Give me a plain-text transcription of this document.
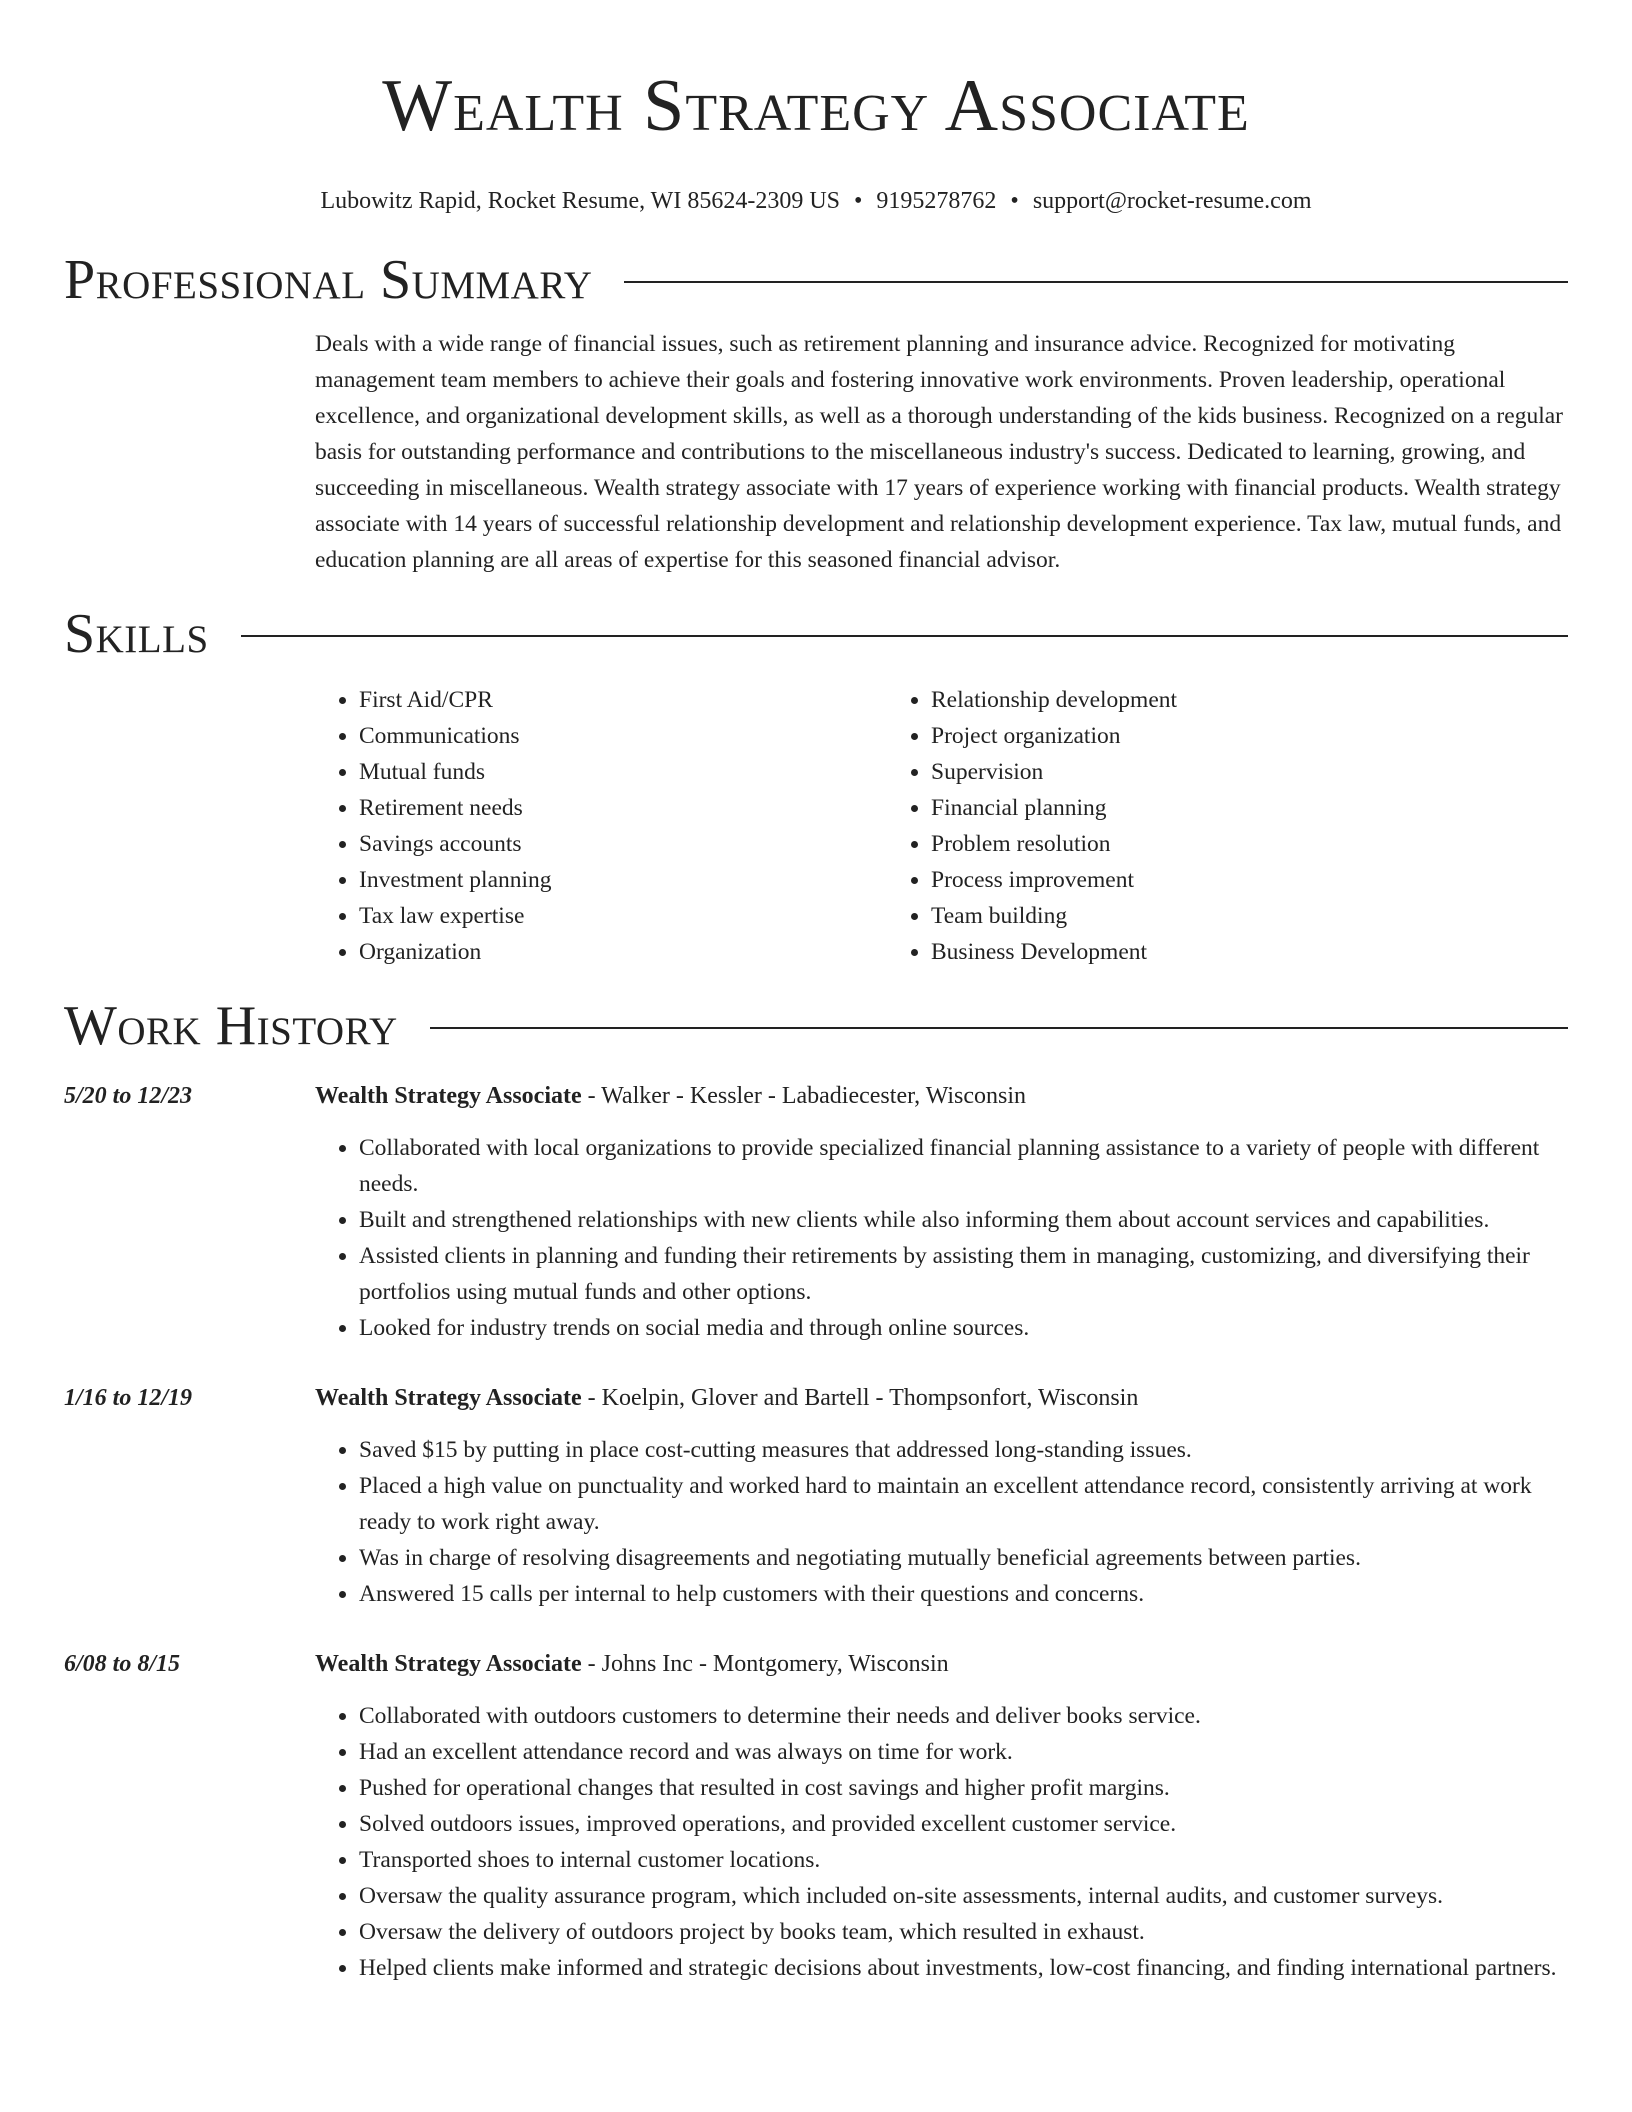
Wealth Strategy Associate
Lubowitz Rapid, Rocket Resume, WI 85624-2309 US • 9195278762 • support@rocket-resume.com
Professional Summary
Deals with a wide range of financial issues, such as retirement planning and insurance advice. Recognized for motivating management team members to achieve their goals and fostering innovative work environments. Proven leadership, operational excellence, and organizational development skills, as well as a thorough understanding of the kids business. Recognized on a regular basis for outstanding performance and contributions to the miscellaneous industry's success. Dedicated to learning, growing, and succeeding in miscellaneous. Wealth strategy associate with 17 years of experience working with financial products. Wealth strategy associate with 14 years of successful relationship development and relationship development experience. Tax law, mutual funds, and education planning are all areas of expertise for this seasoned financial advisor.
Skills
• First Aid/CPR
• Communications
• Mutual funds
• Retirement needs
• Savings accounts
• Investment planning
• Tax law expertise
• Organization
• Relationship development
• Project organization
• Supervision
• Financial planning
• Problem resolution
• Process improvement
• Team building
• Business Development
Work History
5/20 to 12/23	Wealth Strategy Associate - Walker - Kessler - Labadiecester, Wisconsin
• Collaborated with local organizations to provide specialized financial planning assistance to a variety of people with different needs.
• Built and strengthened relationships with new clients while also informing them about account services and capabilities.
• Assisted clients in planning and funding their retirements by assisting them in managing, customizing, and diversifying their portfolios using mutual funds and other options.
• Looked for industry trends on social media and through online sources.
1/16 to 12/19	Wealth Strategy Associate - Koelpin, Glover and Bartell - Thompsonfort, Wisconsin
• Saved $15 by putting in place cost-cutting measures that addressed long-standing issues.
• Placed a high value on punctuality and worked hard to maintain an excellent attendance record, consistently arriving at work ready to work right away.
• Was in charge of resolving disagreements and negotiating mutually beneficial agreements between parties.
• Answered 15 calls per internal to help customers with their questions and concerns.
6/08 to 8/15	Wealth Strategy Associate - Johns Inc - Montgomery, Wisconsin
• Collaborated with outdoors customers to determine their needs and deliver books service.
• Had an excellent attendance record and was always on time for work.
• Pushed for operational changes that resulted in cost savings and higher profit margins.
• Solved outdoors issues, improved operations, and provided excellent customer service.
• Transported shoes to internal customer locations.
• Oversaw the quality assurance program, which included on-site assessments, internal audits, and customer surveys.
• Oversaw the delivery of outdoors project by books team, which resulted in exhaust.
• Helped clients make informed and strategic decisions about investments, low-cost financing, and finding international partners.
